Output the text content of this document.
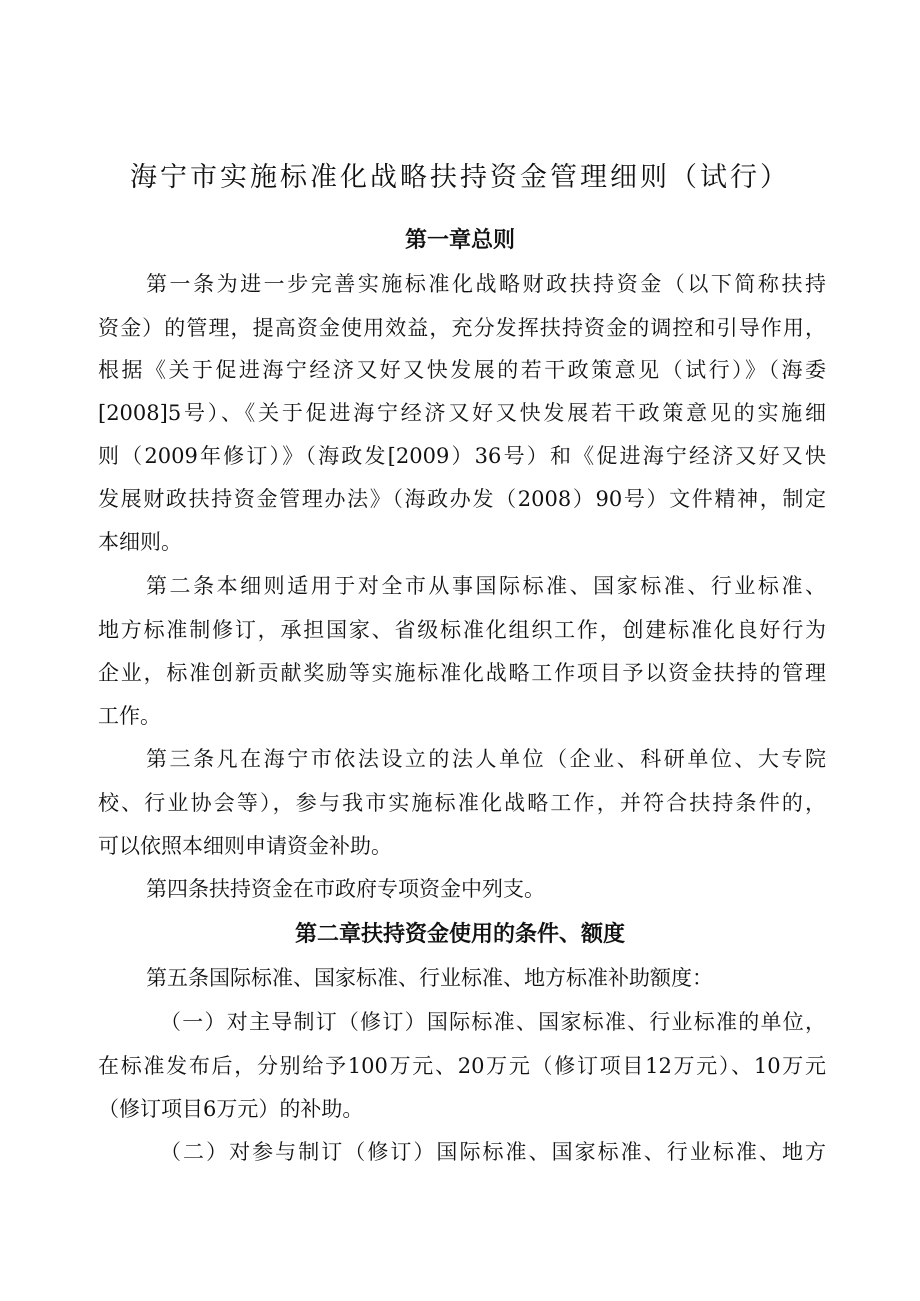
海宁市实施标准化战略扶持资金管理细则（试行）
第一章总则
第一条为进一步完善实施标准化战略财政扶持资金（以下简称扶持
资金）的管理，提高资金使用效益，充分发挥扶持资金的调控和引导作用，
根据《关于促进海宁经济又好又快发展的若干政策意见（试行）》（海委
[2008]5号）、《关于促进海宁经济又好又快发展若干政策意见的实施细
则（2009年修订）》（海政发[2009）36号）和《促进海宁经济又好又快
发展财政扶持资金管理办法》（海政办发（2008）90号）文件精神，制定
本细则。
第二条本细则适用于对全市从事国际标准、国家标准、行业标准、
地方标准制修订，承担国家、省级标准化组织工作，创建标准化良好行为
企业，标准创新贡献奖励等实施标准化战略工作项目予以资金扶持的管理
工作。
第三条凡在海宁市依法设立的法人单位（企业、科研单位、大专院
校、行业协会等），参与我市实施标准化战略工作，并符合扶持条件的，
可以依照本细则申请资金补助。
第四条扶持资金在市政府专项资金中列支。
第二章扶持资金使用的条件、额度
第五条国际标准、国家标准、行业标准、地方标准补助额度：
（一）对主导制订（修订）国际标准、国家标准、行业标准的单位，
在标准发布后，分别给予100万元、20万元（修订项目12万元）、10万元
（修订项目6万元）的补助。
（二）对参与制订（修订）国际标准、国家标准、行业标准、地方
